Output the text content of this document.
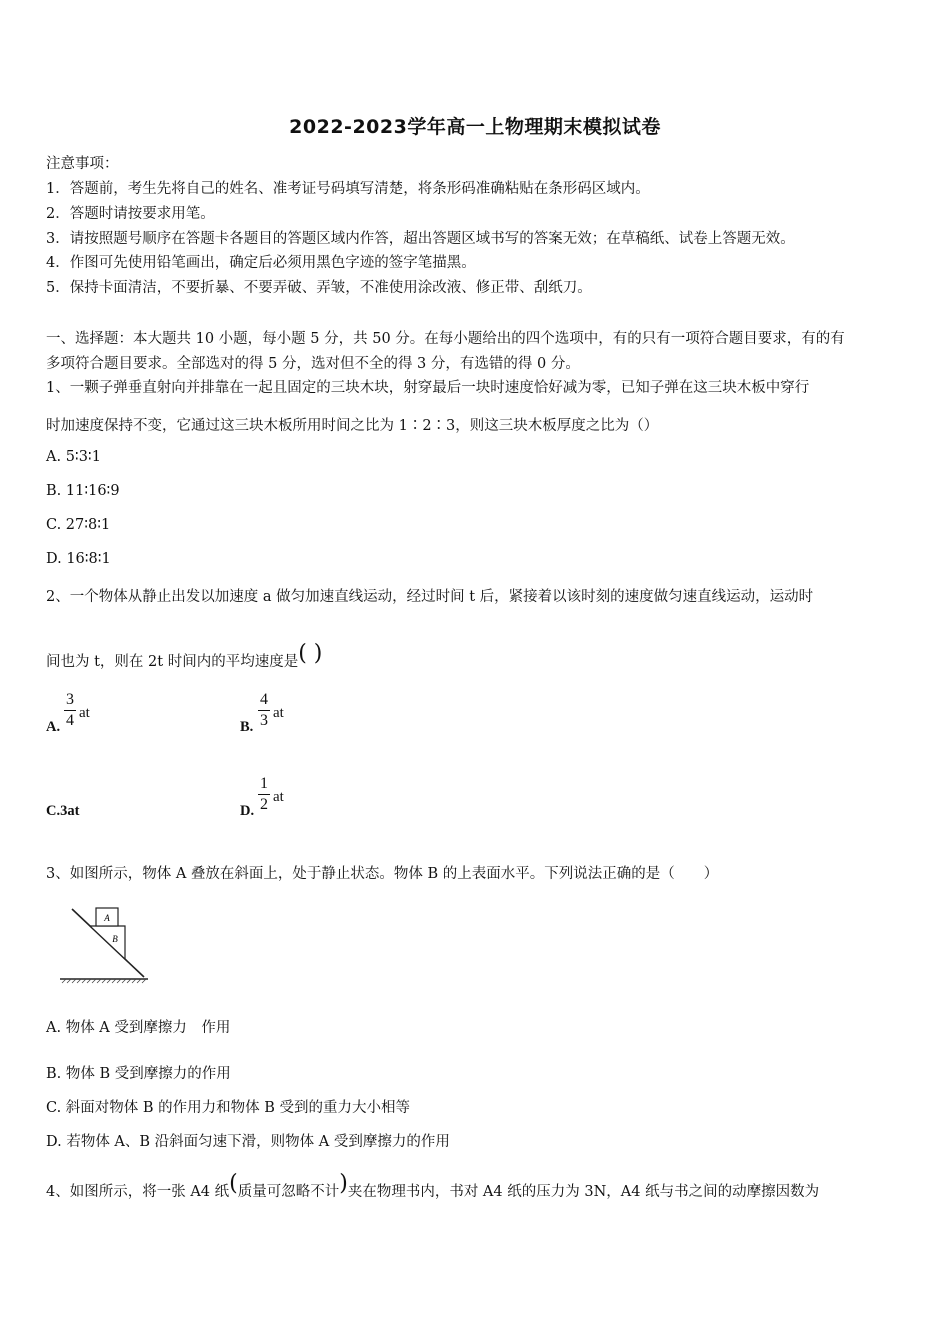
2022-2023学年高一上物理期末模拟试卷
注意事项：
1．答题前，考生先将自己的姓名、准考证号码填写清楚，将条形码准确粘贴在条形码区域内。
2．答题时请按要求用笔。
3．请按照题号顺序在答题卡各题目的答题区域内作答，超出答题区域书写的答案无效；在草稿纸、试卷上答题无效。
4．作图可先使用铅笔画出，确定后必须用黑色字迹的签字笔描黑。
5．保持卡面清洁，不要折暴、不要弄破、弄皱，不准使用涂改液、修正带、刮纸刀。
一、选择题：本大题共 10 小题，每小题 5 分，共 50 分。在每小题给出的四个选项中，有的只有一项符合题目要求，有的有
多项符合题目要求。全部选对的得 5 分，选对但不全的得 3 分，有选错的得 0 分。
1、一颗子弹垂直射向并排靠在一起且固定的三块木块，射穿最后一块时速度恰好减为零，已知子弹在这三块木板中穿行
时加速度保持不变，它通过这三块木板所用时间之比为 1∶2∶3，则这三块木板厚度之比为（）
A. 5∶3∶1
B. 11∶16∶9
C. 27∶8∶1
D. 16∶8∶1
2、一个物体从静止出发以加速度 a 做匀加速直线运动，经过时间 t 后，紧接着以该时刻的速度做匀速直线运动，运动时
间也为 t，则在 2t 时间内的平均速度是( )
A.
3
4 at
B.
4
3 at
C.3at	D.
1
2 at
3、如图所示，物体 A 叠放在斜面上，处于静止状态。物体 B 的上表面水平。下列说法正确的是（　　）
A
B
A. 物体 A 受到摩擦力　作用
B. 物体 B 受到摩擦力的作用
C. 斜面对物体 B 的作用力和物体 B 受到的重力大小相等
D. 若物体 A、B 沿斜面匀速下滑，则物体 A 受到摩擦力的作用
4、如图所示，将一张 A4 纸(质量可忽略不计)夹在物理书内，书对 A4 纸的压力为 3N，A4 纸与书之间的动摩擦因数为
